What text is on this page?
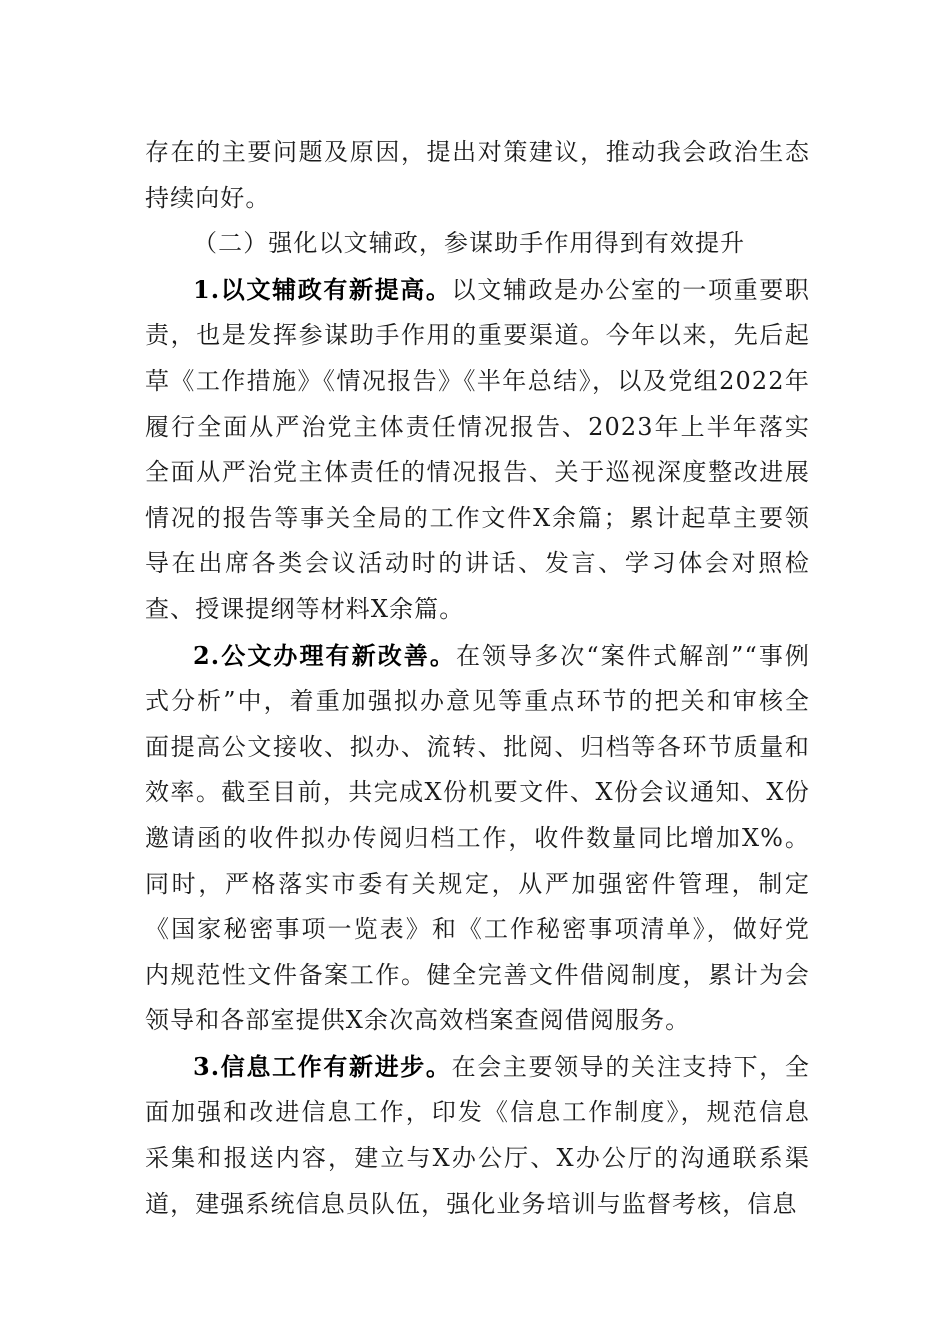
存在的主要问题及原因，提出对策建议，推动我会政治生态持续向好。

（二）强化以文辅政，参谋助手作用得到有效提升

1.以文辅政有新提高。以文辅政是办公室的一项重要职责，也是发挥参谋助手作用的重要渠道。今年以来，先后起草《工作措施》《情况报告》《半年总结》，以及党组2022年履行全面从严治党主体责任情况报告、2023年上半年落实全面从严治党主体责任的情况报告、关于巡视深度整改进展情况的报告等事关全局的工作文件X余篇；累计起草主要领导在出席各类会议活动时的讲话、发言、学习体会对照检查、授课提纲等材料X余篇。

2.公文办理有新改善。在领导多次“案件式解剖”“事例式分析”中，着重加强拟办意见等重点环节的把关和审核全面提高公文接收、拟办、流转、批阅、归档等各环节质量和效率。截至目前，共完成X份机要文件、X份会议通知、X份邀请函的收件拟办传阅归档工作，收件数量同比增加X%。同时，严格落实市委有关规定，从严加强密件管理，制定《国家秘密事项一览表》和《工作秘密事项清单》，做好党内规范性文件备案工作。健全完善文件借阅制度，累计为会领导和各部室提供X余次高效档案查阅借阅服务。

3.信息工作有新进步。在会主要领导的关注支持下，全面加强和改进信息工作，印发《信息工作制度》，规范信息采集和报送内容，建立与X办公厅、X办公厅的沟通联系渠道，建强系统信息员队伍，强化业务培训与监督考核，信息
